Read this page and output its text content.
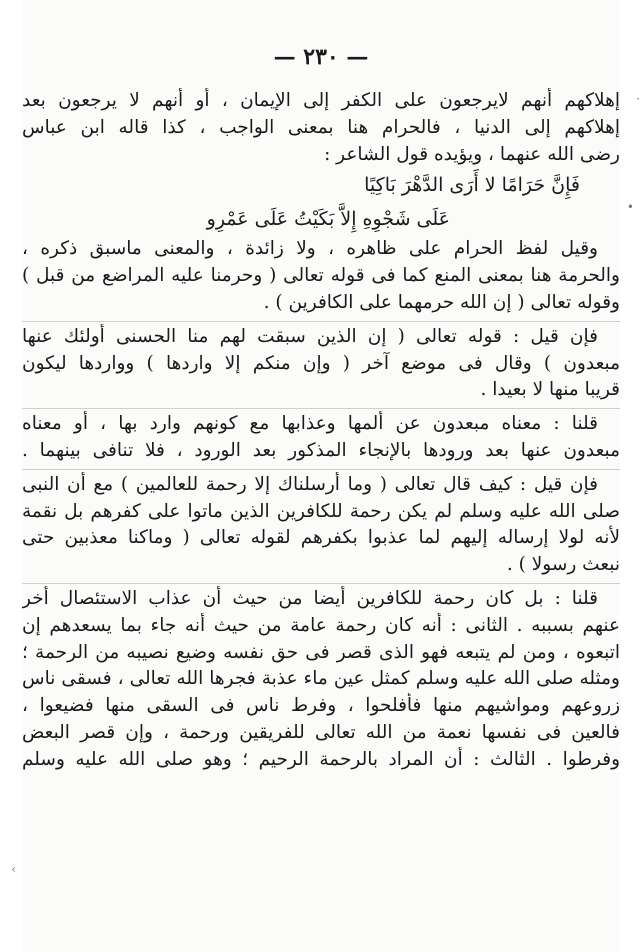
— ٢٣٠ —
إهلاكهم أنهم لايرجعون على الكفر إلى الإيمان ، أو أنهم لا يرجعون بعد
إهلاكهم إلى الدنيا ، فالحرام هنا بمعنى الواجب ، كذا قاله ابن عباس
رضى الله عنهما ، ويؤيده قول الشاعر :
فَإِنَّ حَرَامًا لا أَرَى الدَّهْرَ بَاكِيًا
عَلَى شَجْوِهِ إِلاَّ بَكَيْتُ عَلَى عَمْرِو
وقيل لفظ الحرام على ظاهره ، ولا زائدة ، والمعنى ماسبق ذكره ،
والحرمة هنا بمعنى المنع كما فى قوله تعالى ( وحرمنا عليه المراضع من قبل )
وقوله تعالى ( إن الله حرمهما على الكافرين ) .
فإن قيل : قوله تعالى ( إن الذين سبقت لهم منا الحسنى أولئك عنها
مبعدون ) وقال فى موضع آخر ( وإن منكم إلا واردها ) وواردها ليكون
قريبا منها لا بعيدا .
قلنا : معناه مبعدون عن ألمها وعذابها مع كونهم وارد بها ، أو معناه
مبعدون عنها بعد ورودها بالإنجاء المذكور بعد الورود ، فلا تنافى بينهما .
فإن قيل : كيف قال تعالى ( وما أرسلناك إلا رحمة للعالمين ) مع أن النبى
صلى الله عليه وسلم لم يكن رحمة للكافرين الذين ماتوا على كفرهم بل نقمة
لأنه لولا إرساله إليهم لما عذبوا بكفرهم لقوله تعالى ( وماكنا معذبين حتى
نبعث رسولا ) .
قلنا : بل كان رحمة للكافرين أيضا من حيث أن عذاب الاستئصال أخر
عنهم بسببه . الثانى : أنه كان رحمة عامة من حيث أنه جاء بما يسعدهم إن
اتبعوه ، ومن لم يتبعه فهو الذى قصر فى حق نفسه وضيع نصيبه من الرحمة ؛
ومثله صلى الله عليه وسلم كمثل عين ماء عذبة فجرها الله تعالى ، فسقى ناس
زروعهم ومواشيهم منها فأفلحوا ، وفرط ناس فى السقى منها فضيعوا ،
فالعين فى نفسها نعمة من الله تعالى للفريقين ورحمة ، وإن قصر البعض
وفرطوا . الثالث : أن المراد بالرحمة الرحيم ؛ وهو صلى الله عليه وسلم
·
•
›
